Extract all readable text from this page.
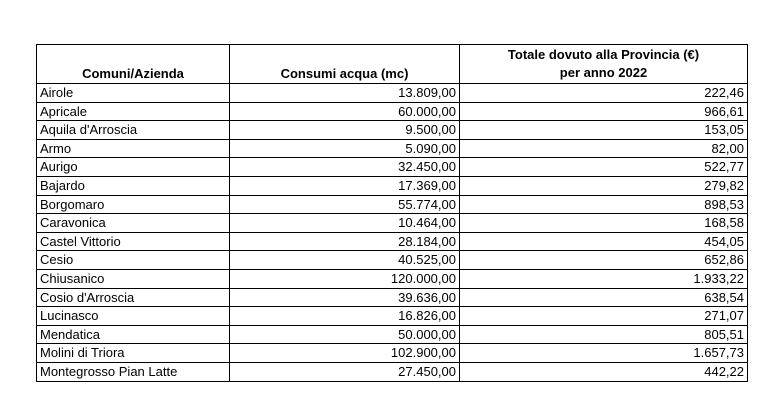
Comuni/Azienda	Consumi acqua (mc)	Totale dovuto alla Provincia (€)
per anno 2022

Airole	13.809,00	222,46
Apricale	60.000,00	966,61
Aquila d'Arroscia	9.500,00	153,05
Armo	5.090,00	82,00
Aurigo	32.450,00	522,77
Bajardo	17.369,00	279,82
Borgomaro	55.774,00	898,53
Caravonica	10.464,00	168,58
Castel Vittorio	28.184,00	454,05
Cesio	40.525,00	652,86
Chiusanico	120.000,00	1.933,22
Cosio d'Arroscia	39.636,00	638,54
Lucinasco	16.826,00	271,07
Mendatica	50.000,00	805,51
Molini di Triora	102.900,00	1.657,73
Montegrosso Pian Latte	27.450,00	442,22
